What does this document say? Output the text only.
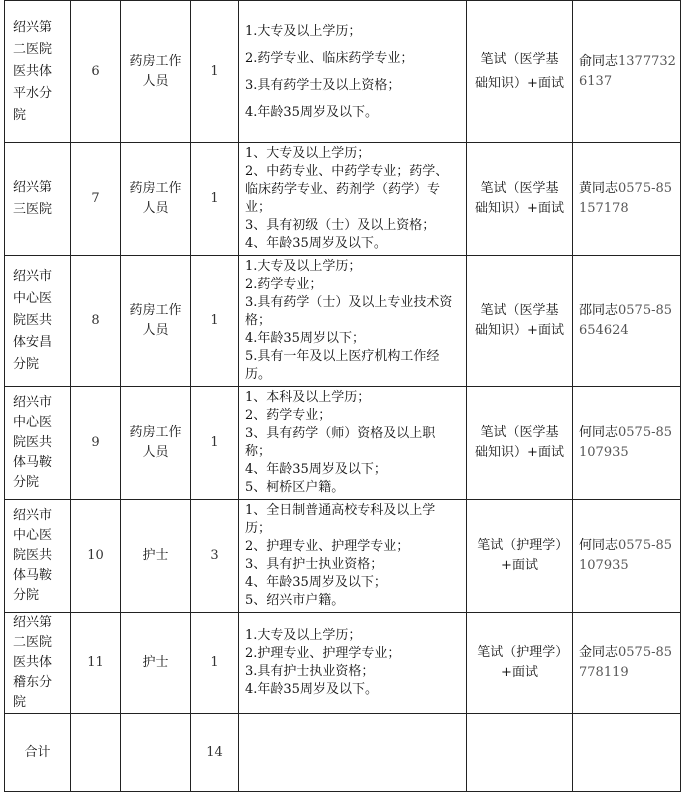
绍兴第二医院医共体平水分院	6	药房工作人员	1	1.大专及以上学历；
2.药学专业、临床药学专业；
3.具有药学士及以上资格；
4.年龄35周岁及以下。	笔试（医学基础知识）+面试	俞同志13777326137
绍兴第三医院	7	药房工作人员	1	1、大专及以上学历；
2、中药专业、中药学专业；药学、临床药学专业、药剂学（药学）专业；
3、具有初级（士）及以上资格；
4、年龄35周岁及以下。	笔试（医学基础知识）+面试	黄同志0575-85157178
绍兴市中心医院医共体安昌分院	8	药房工作人员	1	1.大专及以上学历；
2.药学专业；
3.具有药学（士）及以上专业技术资格；
4.年龄35周岁以下；
5.具有一年及以上医疗机构工作经历。	笔试（医学基础知识）+面试	邵同志0575-85654624
绍兴市中心医院医共体马鞍分院	9	药房工作人员	1	1、本科及以上学历；
2、药学专业；
3、具有药学（师）资格及以上职称；
4、年龄35周岁及以下；
5、柯桥区户籍。	笔试（医学基础知识）+面试	何同志0575-85107935
绍兴市中心医院医共体马鞍分院	10	护士	3	1、全日制普通高校专科及以上学历；
2、护理专业、护理学专业；
3、具有护士执业资格；
4、年龄35周岁及以下；
5、绍兴市户籍。	笔试（护理学）+面试	何同志0575-85107935
绍兴第二医院医共体稽东分院	11	护士	1	1.大专及以上学历；
2.护理专业、护理学专业；
3.具有护士执业资格；
4.年龄35周岁及以下。	笔试（护理学）+面试	金同志0575-85778119
合计			14			
